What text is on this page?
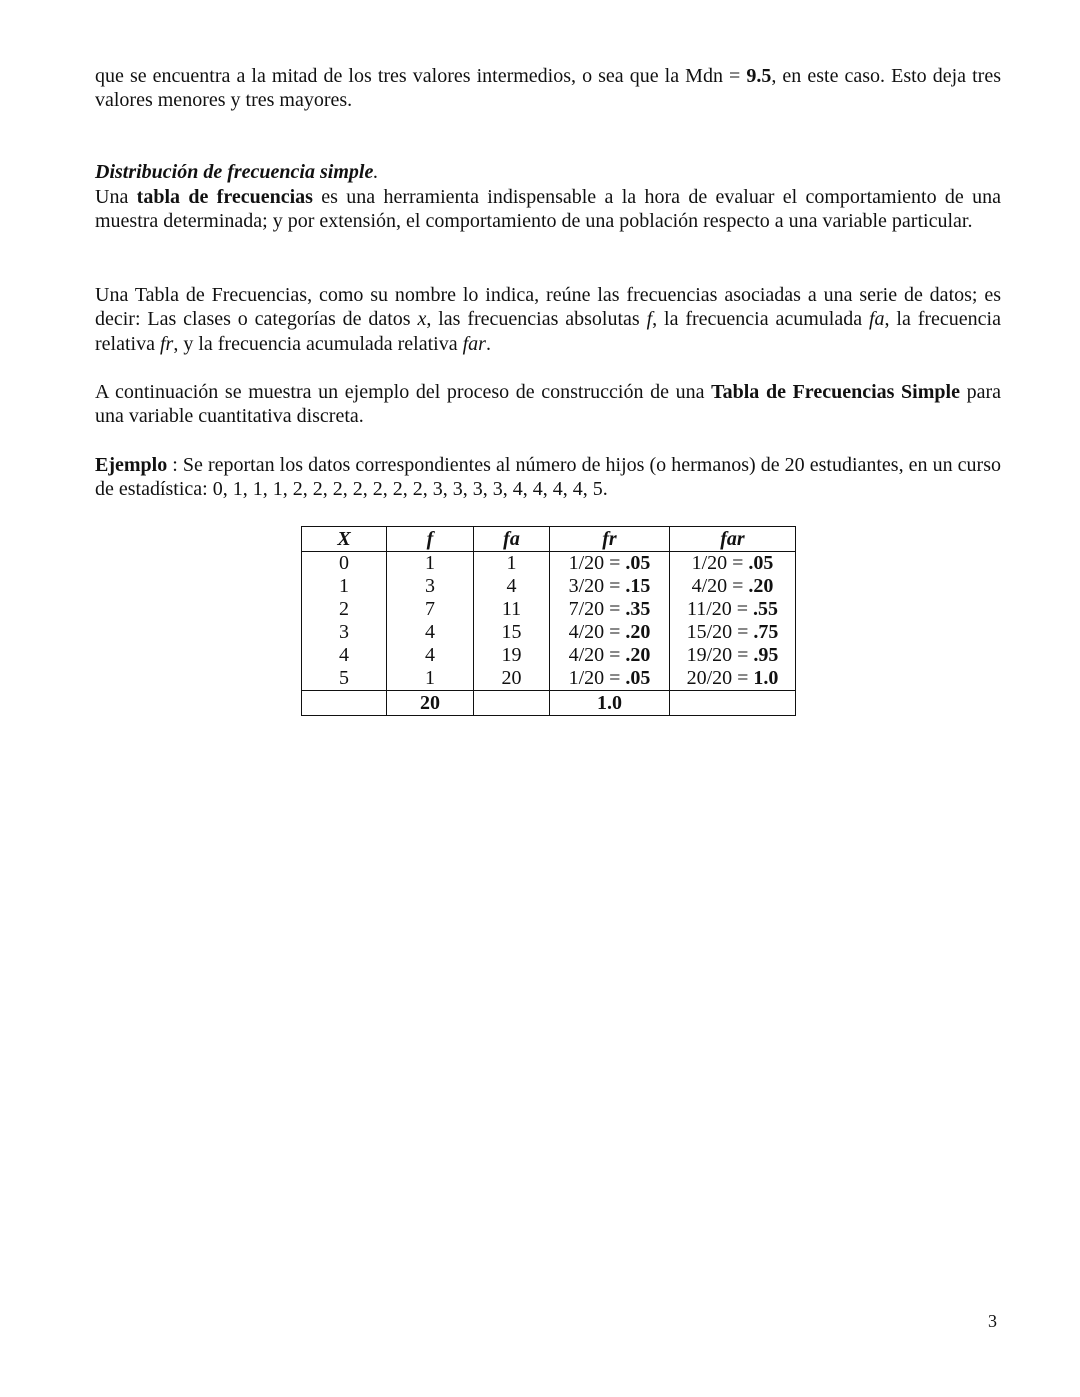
que se encuentra a la mitad de los tres valores intermedios, o sea que la Mdn = 9.5, en este caso. Esto deja tres valores menores y tres mayores.

Distribución de frecuencia simple.

Una tabla de frecuencias es una herramienta indispensable a la hora de evaluar el comportamiento de una muestra determinada; y por extensión, el comportamiento de una población respecto a una variable particular.

Una Tabla de Frecuencias, como su nombre lo indica, reúne las frecuencias asociadas a una serie de datos; es decir: Las clases o categorías de datos x, las frecuencias absolutas f, la frecuencia acumulada fa, la frecuencia relativa fr, y la frecuencia acumulada relativa far.

A continuación se muestra un ejemplo del proceso de construcción de una Tabla de Frecuencias Simple para una variable cuantitativa discreta.

Ejemplo : Se reportan los datos correspondientes al número de hijos (o hermanos) de 20 estudiantes, en un curso de estadística: 0, 1, 1, 1, 2, 2, 2, 2, 2, 2, 2, 3, 3, 3, 3, 4, 4, 4, 4, 5.

X	f	fa	fr	far
0	1	1	1/20 = .05	1/20 = .05
1	3	4	3/20 = .15	4/20 = .20
2	7	11	7/20 = .35	11/20 = .55
3	4	15	4/20 = .20	15/20 = .75
4	4	19	4/20 = .20	19/20 = .95
5	1	20	1/20 = .05	20/20 = 1.0
	20		1.0	
3
